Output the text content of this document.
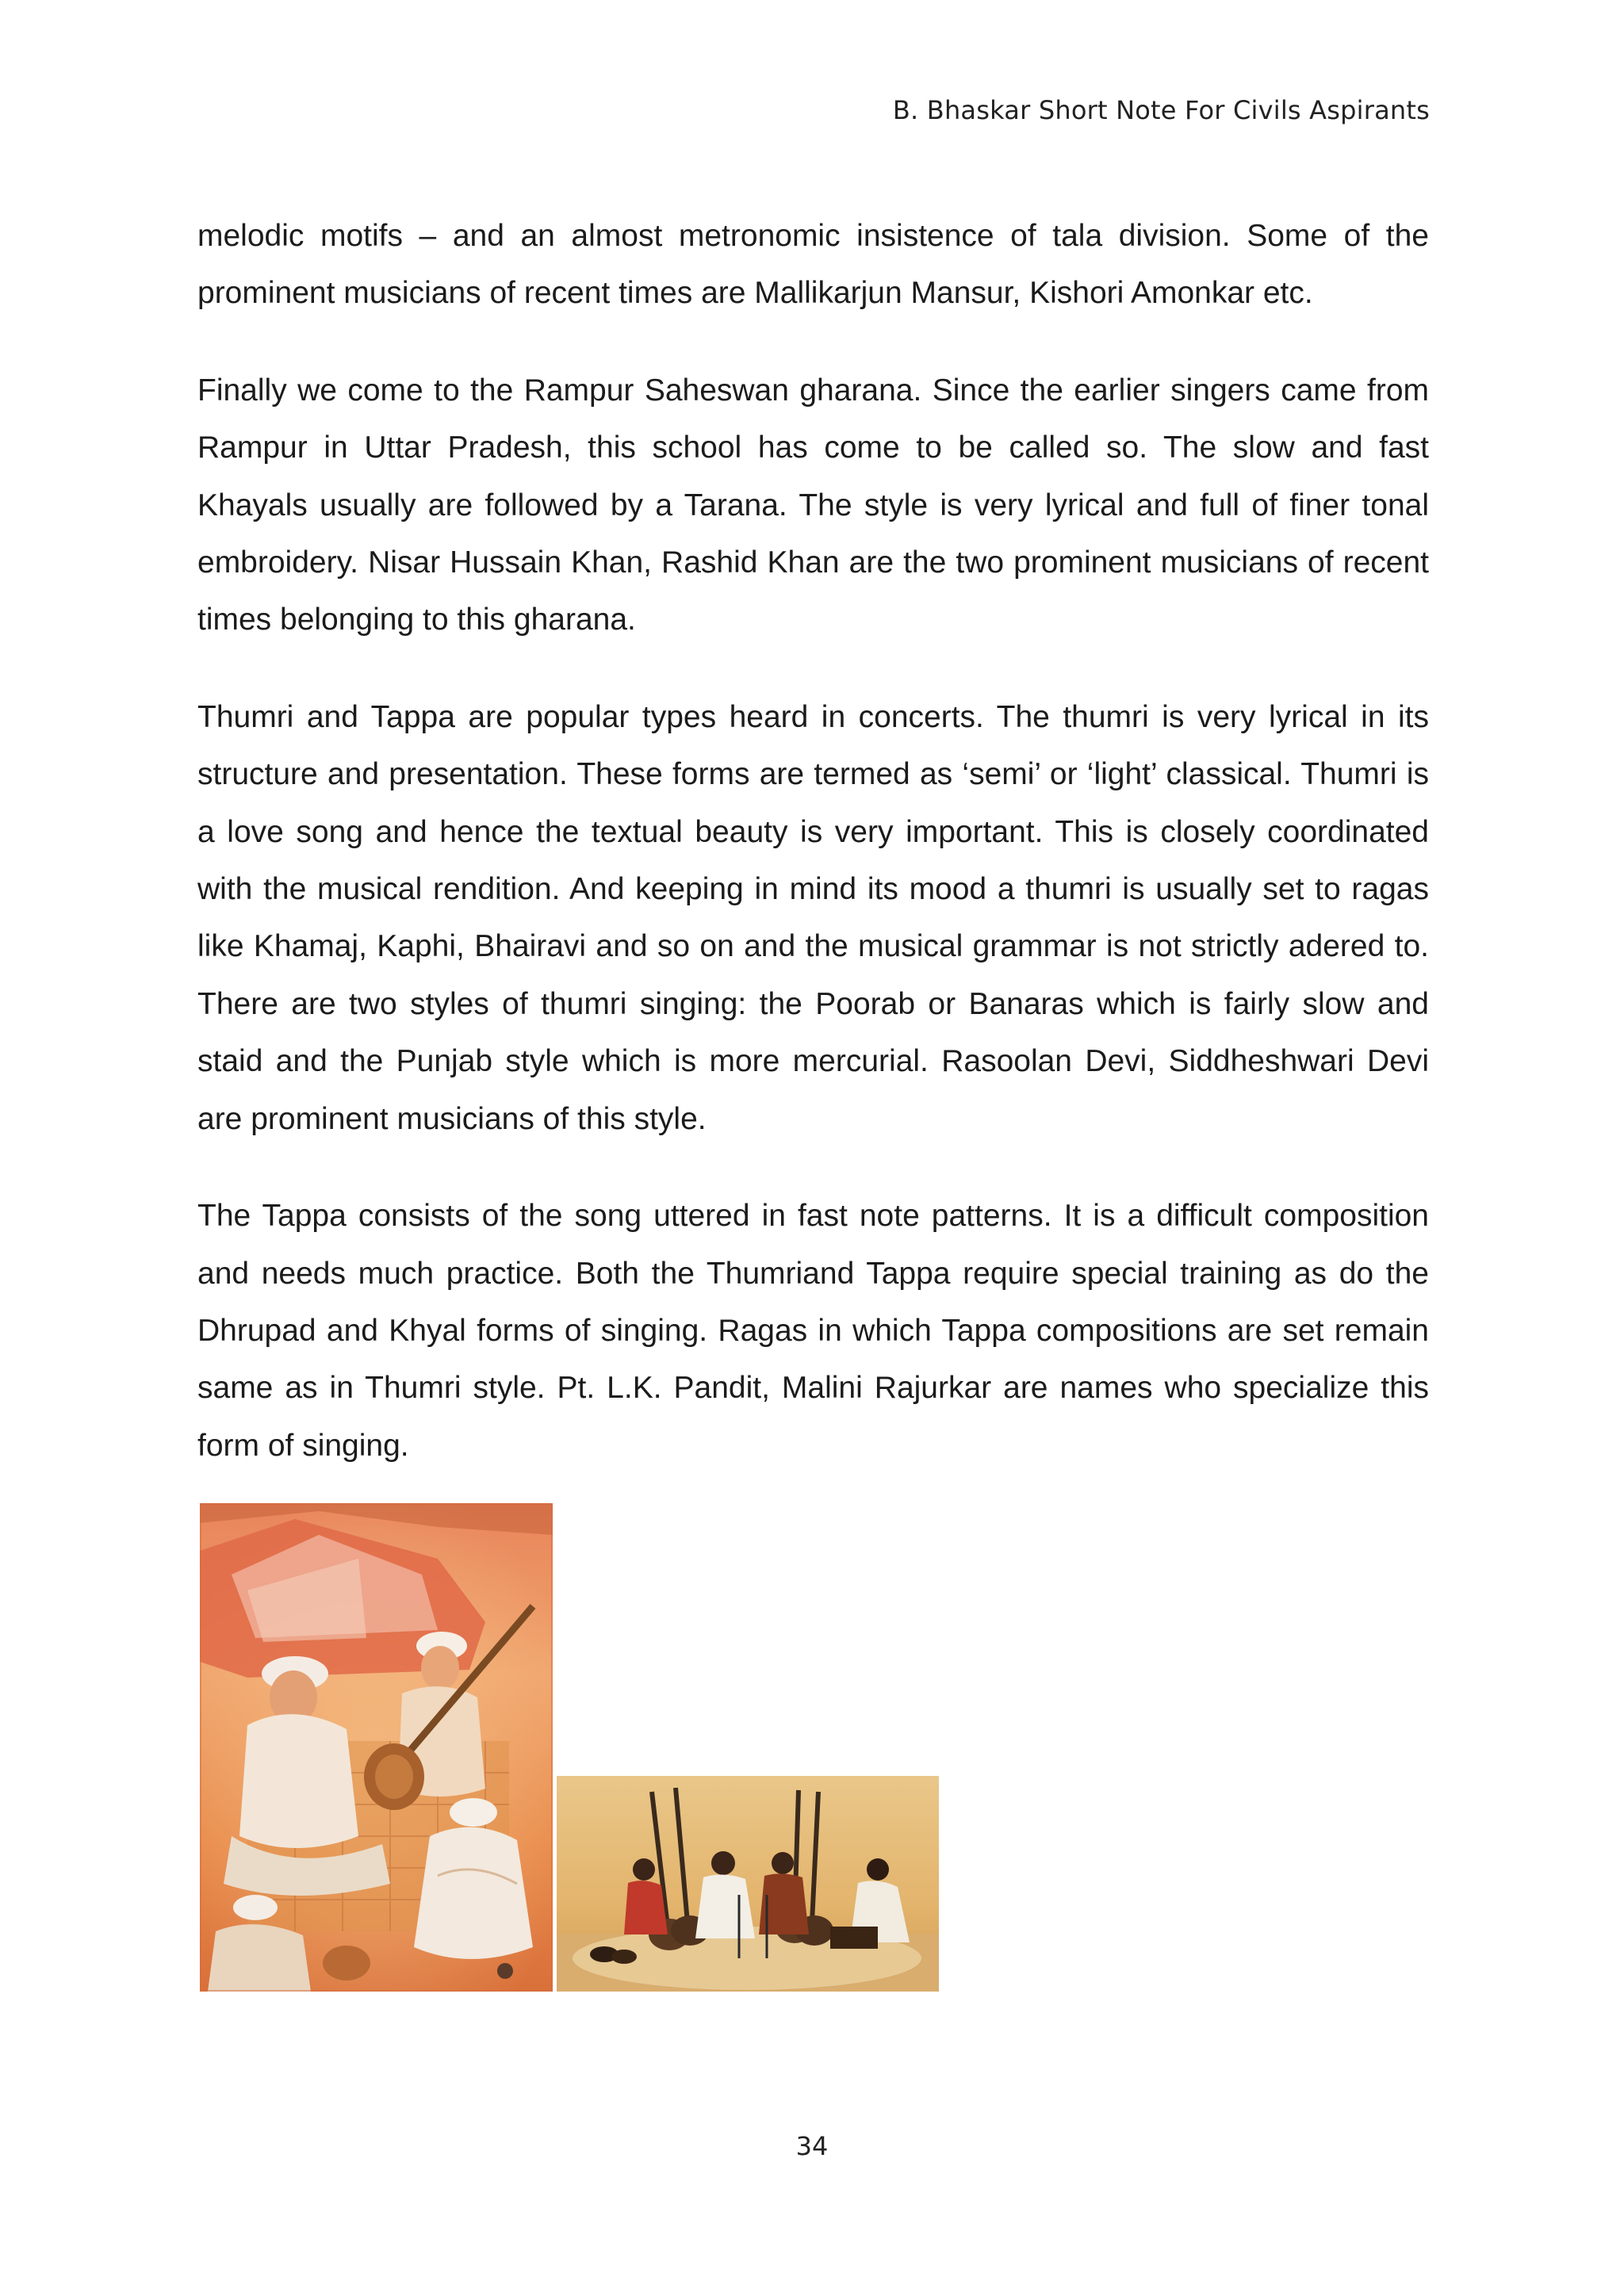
B. Bhaskar Short Note For Civils Aspirants

melodic motifs – and an almost metronomic insistence of tala division. Some of the prominent musicians of recent times are Mallikarjun Mansur, Kishori Amonkar etc.

Finally we come to the Rampur Saheswan gharana. Since the earlier singers came from Rampur in Uttar Pradesh, this school has come to be called so. The slow and fast Khayals usually are followed by a Tarana. The style is very lyrical and full of finer tonal embroidery. Nisar Hussain Khan, Rashid Khan are the two prominent musicians of recent times belonging to this gharana.

Thumri and Tappa are popular types heard in concerts. The thumri is very lyrical in its structure and presentation. These forms are termed as ‘semi’ or ‘light’ classical. Thumri is a love song and hence the textual beauty is very important. This is closely coordinated with the musical rendition. And keeping in mind its mood a thumri is usually set to ragas like Khamaj, Kaphi, Bhairavi and so on and the musical grammar is not strictly adered to. There are two styles of thumri singing: the Poorab or Banaras which is fairly slow and staid and the Punjab style which is more mercurial. Rasoolan Devi, Siddheshwari Devi are prominent musicians of this style.

The Tappa consists of the song uttered in fast note patterns. It is a difficult composition and needs much practice. Both the Thumriand Tappa require special training as do the Dhrupad and Khyal forms of singing. Ragas in which Tappa compositions are set remain same as in Thumri style. Pt. L.K. Pandit, Malini Rajurkar are names who specialize this form of singing.

34
